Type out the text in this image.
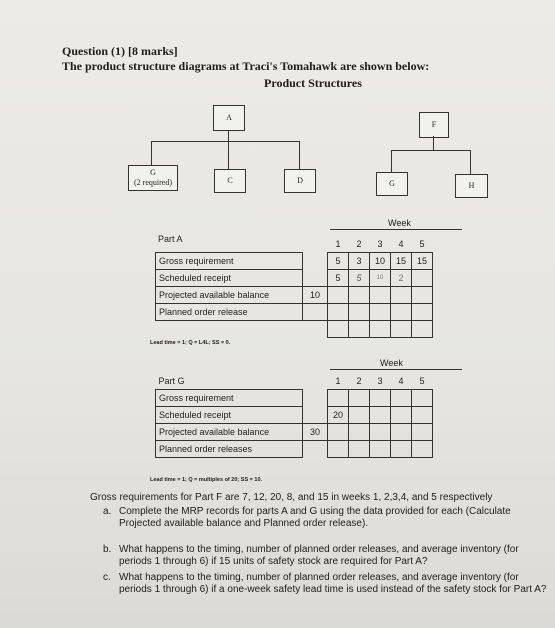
Question (1) [8 marks]
The product structure diagrams at Traci's Tomahawk are shown below:
Product Structures
A
G
(2 required)	C	D
F
G	H
Part A
Week
		1	2	3	4	5
Gross requirement		5	3	10	15	15
Scheduled receipt		5	5	10	2	
Projected available balance	10					
Planned order release						

Lead time = 1; Q = L4L; SS = 0.
Week
Part G		1	2	3	4	5
Gross requirement						
Scheduled receipt		20				
Projected available balance	30					
Planned order releases						
Lead time = 1; Q = multiples of 20; SS = 10.
Gross requirements for Part F are 7, 12, 20, 8, and 15 in weeks 1, 2,3,4, and 5 respectively
a. Complete the MRP records for parts A and G using the data provided for each (Calculate Projected available balance and Planned order release).
b. What happens to the timing, number of planned order releases, and average inventory (for periods 1 through 6) if 15 units of safety stock are required for Part A?
c. What happens to the timing, number of planned order releases, and average inventory (for periods 1 through 6) if a one-week safety lead time is used instead of the safety stock for Part A?
